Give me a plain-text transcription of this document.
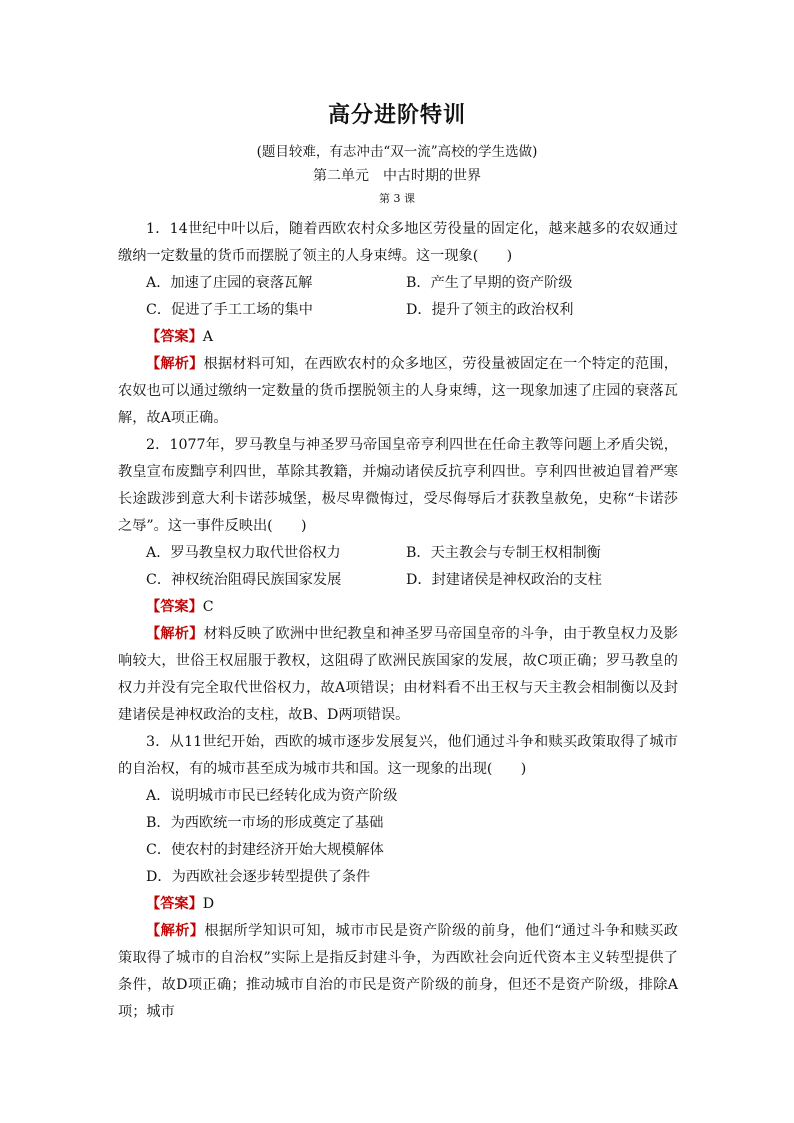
高分进阶特训
(题目较难，有志冲击“双一流”高校的学生选做)
第二单元　中古时期的世界
第 3 课

1．14世纪中叶以后，随着西欧农村众多地区劳役量的固定化，越来越多的农奴通过缴纳一定数量的货币而摆脱了领主的人身束缚。这一现象(　　)

A．加速了庄园的衰落瓦解	B．产生了早期的资产阶级
C．促进了手工工场的集中	D．提升了领主的政治权利
【答案】A

【解析】根据材料可知，在西欧农村的众多地区，劳役量被固定在一个特定的范围，农奴也可以通过缴纳一定数量的货币摆脱领主的人身束缚，这一现象加速了庄园的衰落瓦解，故A项正确。

2．1077年，罗马教皇与神圣罗马帝国皇帝亨利四世在任命主教等问题上矛盾尖锐，教皇宣布废黜亨利四世，革除其教籍，并煽动诸侯反抗亨利四世。亨利四世被迫冒着严寒长途跋涉到意大利卡诺莎城堡，极尽卑微悔过，受尽侮辱后才获教皇赦免，史称“卡诺莎之辱”。这一事件反映出(　　)

A．罗马教皇权力取代世俗权力	B．天主教会与专制王权相制衡
C．神权统治阻碍民族国家发展	D．封建诸侯是神权政治的支柱
【答案】C

【解析】材料反映了欧洲中世纪教皇和神圣罗马帝国皇帝的斗争，由于教皇权力及影响较大，世俗王权屈服于教权，这阻碍了欧洲民族国家的发展，故C项正确；罗马教皇的权力并没有完全取代世俗权力，故A项错误；由材料看不出王权与天主教会相制衡以及封建诸侯是神权政治的支柱，故B、D两项错误。

3．从11世纪开始，西欧的城市逐步发展复兴，他们通过斗争和赎买政策取得了城市的自治权，有的城市甚至成为城市共和国。这一现象的出现(　　)

A．说明城市市民已经转化成为资产阶级
B．为西欧统一市场的形成奠定了基础
C．使农村的封建经济开始大规模解体
D．为西欧社会逐步转型提供了条件
【答案】D

【解析】根据所学知识可知，城市市民是资产阶级的前身，他们“通过斗争和赎买政策取得了城市的自治权”实际上是指反封建斗争，为西欧社会向近代资本主义转型提供了条件，故D项正确；推动城市自治的市民是资产阶级的前身，但还不是资产阶级，排除A项；城市
